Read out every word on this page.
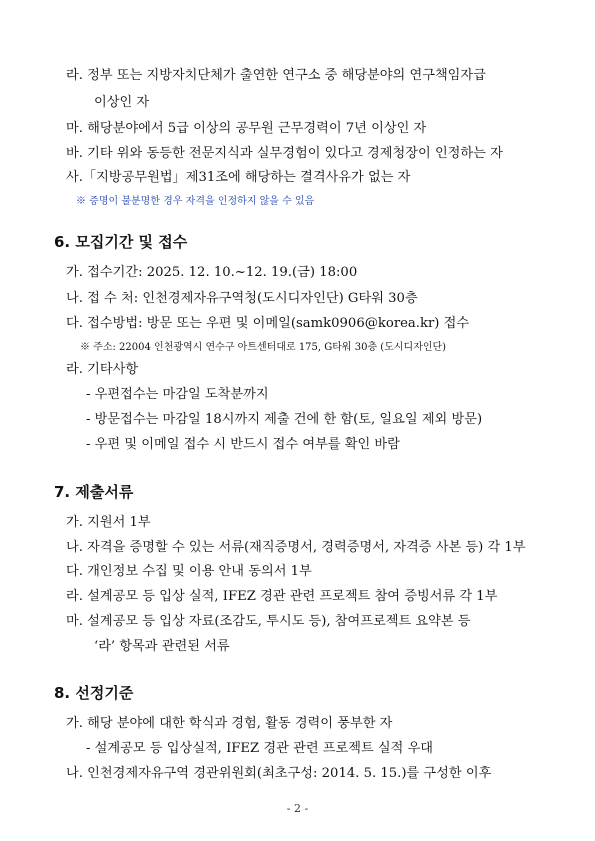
라. 정부 또는 지방자치단체가 출연한 연구소 중 해당분야의 연구책임자급
이상인 자
마. 해당분야에서 5급 이상의 공무원 근무경력이 7년 이상인 자
바. 기타 위와 동등한 전문지식과 실무경험이 있다고 경제청장이 인정하는 자
사.「지방공무원법」제31조에 해당하는 결격사유가 없는 자
※ 증명이 불분명한 경우 자격을 인정하지 않을 수 있음
6. 모집기간 및 접수
가. 접수기간: 2025. 12. 10.~12. 19.(금) 18:00
나. 접 수 처: 인천경제자유구역청(도시디자인단) G타워 30층
다. 접수방법: 방문 또는 우편 및 이메일(samk0906@korea.kr) 접수
※ 주소: 22004 인천광역시 연수구 아트센터대로 175, G타워 30층 (도시디자인단)
라. 기타사항
- 우편접수는 마감일 도착분까지
- 방문접수는 마감일 18시까지 제출 건에 한 함(토, 일요일 제외 방문)
- 우편 및 이메일 접수 시 반드시 접수 여부를 확인 바람
7. 제출서류
가. 지원서 1부
나. 자격을 증명할 수 있는 서류(재직증명서, 경력증명서, 자격증 사본 등) 각 1부
다. 개인정보 수집 및 이용 안내 동의서 1부
라. 설계공모 등 입상 실적, IFEZ 경관 관련 프로젝트 참여 증빙서류 각 1부
마. 설계공모 등 입상 자료(조감도, 투시도 등), 참여프로젝트 요약본 등
‘라’ 항목과 관련된 서류
8. 선정기준
가. 해당 분야에 대한 학식과 경험, 활동 경력이 풍부한 자
- 설계공모 등 입상실적, IFEZ 경관 관련 프로젝트 실적 우대
나. 인천경제자유구역 경관위원회(최초구성: 2014. 5. 15.)를 구성한 이후
- 2 -
